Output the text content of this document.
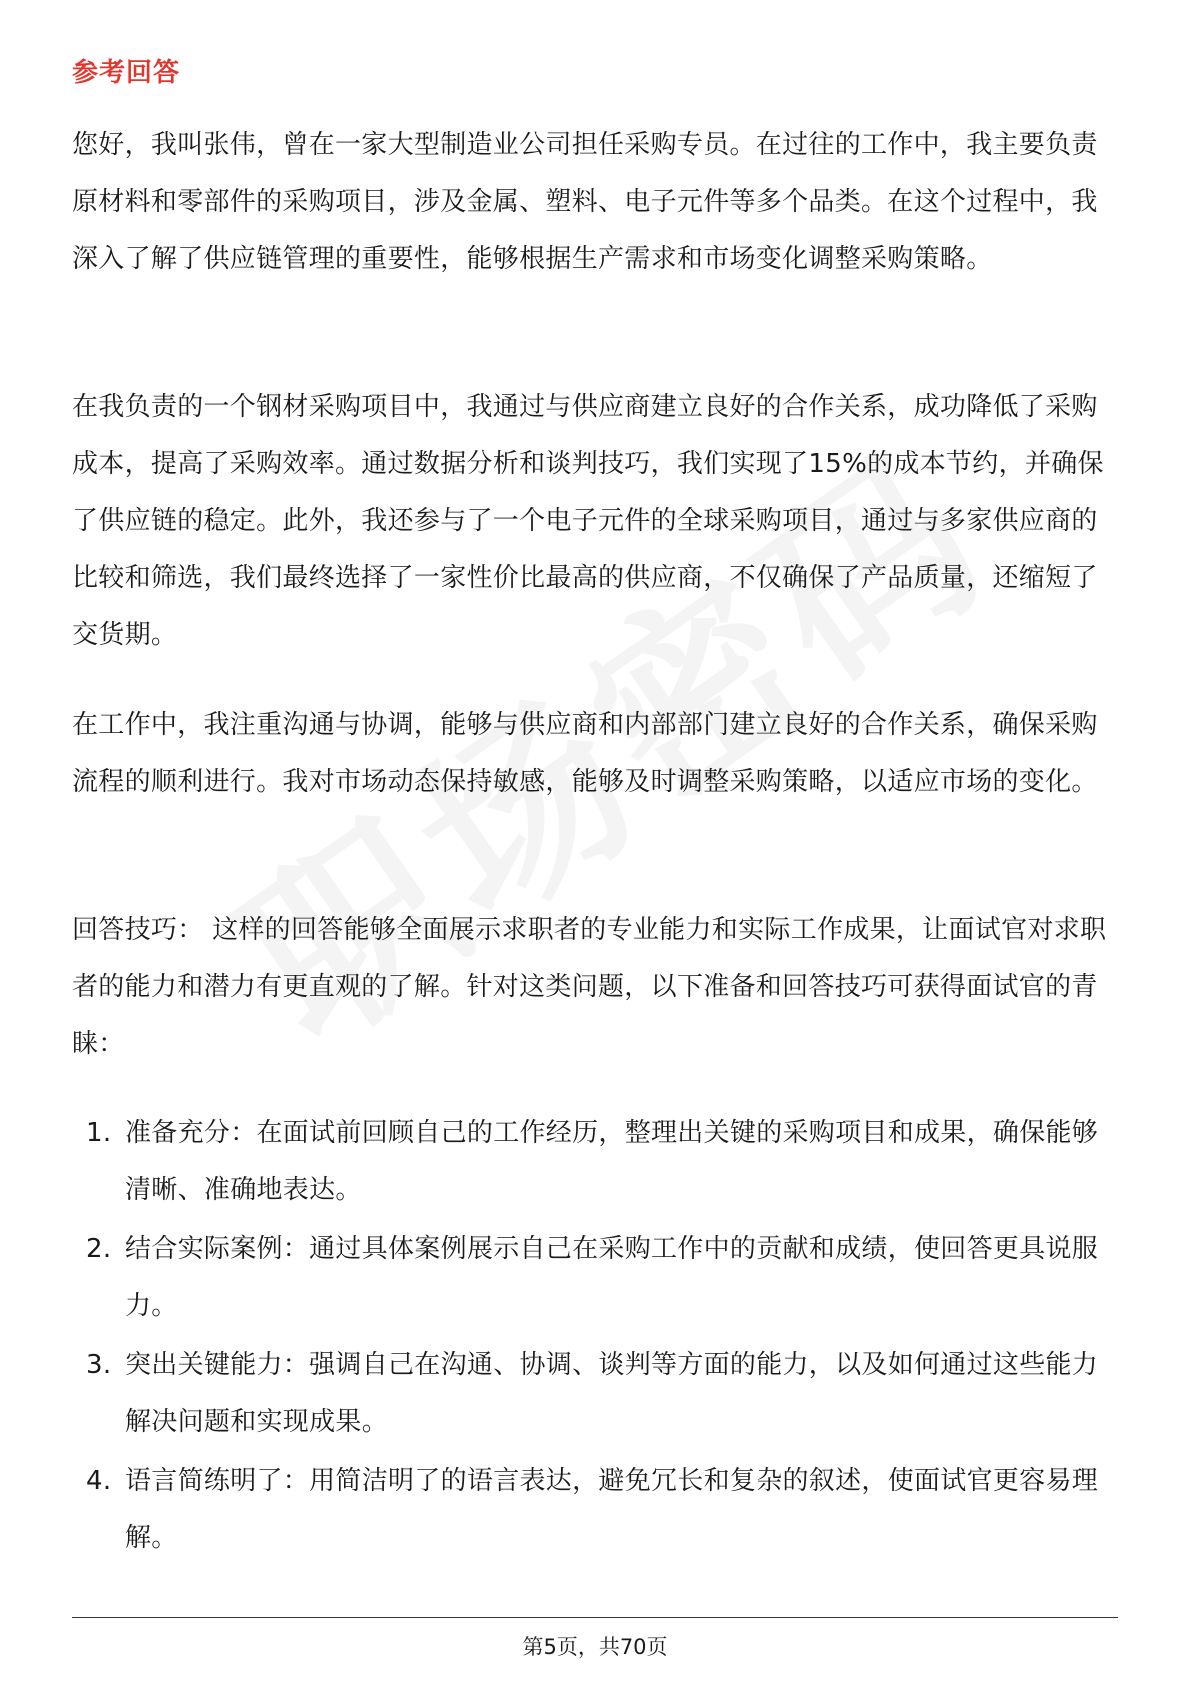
参考回答

您好，我叫张伟，曾在一家大型制造业公司担任采购专员。在过往的工作中，我主要负责原材料和零部件的采购项目，涉及金属、塑料、电子元件等多个品类。在这个过程中，我深入了解了供应链管理的重要性，能够根据生产需求和市场变化调整采购策略。

在我负责的一个钢材采购项目中，我通过与供应商建立良好的合作关系，成功降低了采购成本，提高了采购效率。通过数据分析和谈判技巧，我们实现了15%的成本节约，并确保了供应链的稳定。此外，我还参与了一个电子元件的全球采购项目，通过与多家供应商的比较和筛选，我们最终选择了一家性价比最高的供应商，不仅确保了产品质量，还缩短了交货期。

在工作中，我注重沟通与协调，能够与供应商和内部部门建立良好的合作关系，确保采购流程的顺利进行。我对市场动态保持敏感，能够及时调整采购策略，以适应市场的变化。

回答技巧： 这样的回答能够全面展示求职者的专业能力和实际工作成果，让面试官对求职者的能力和潜力有更直观的了解。针对这类问题，以下准备和回答技巧可获得面试官的青睐：

1. 准备充分：在面试前回顾自己的工作经历，整理出关键的采购项目和成果，确保能够清晰、准确地表达。
2. 结合实际案例：通过具体案例展示自己在采购工作中的贡献和成绩，使回答更具说服力。
3. 突出关键能力：强调自己在沟通、协调、谈判等方面的能力，以及如何通过这些能力解决问题和实现成果。
4. 语言简练明了：用简洁明了的语言表达，避免冗长和复杂的叙述，使面试官更容易理解。
第5页，共70页
